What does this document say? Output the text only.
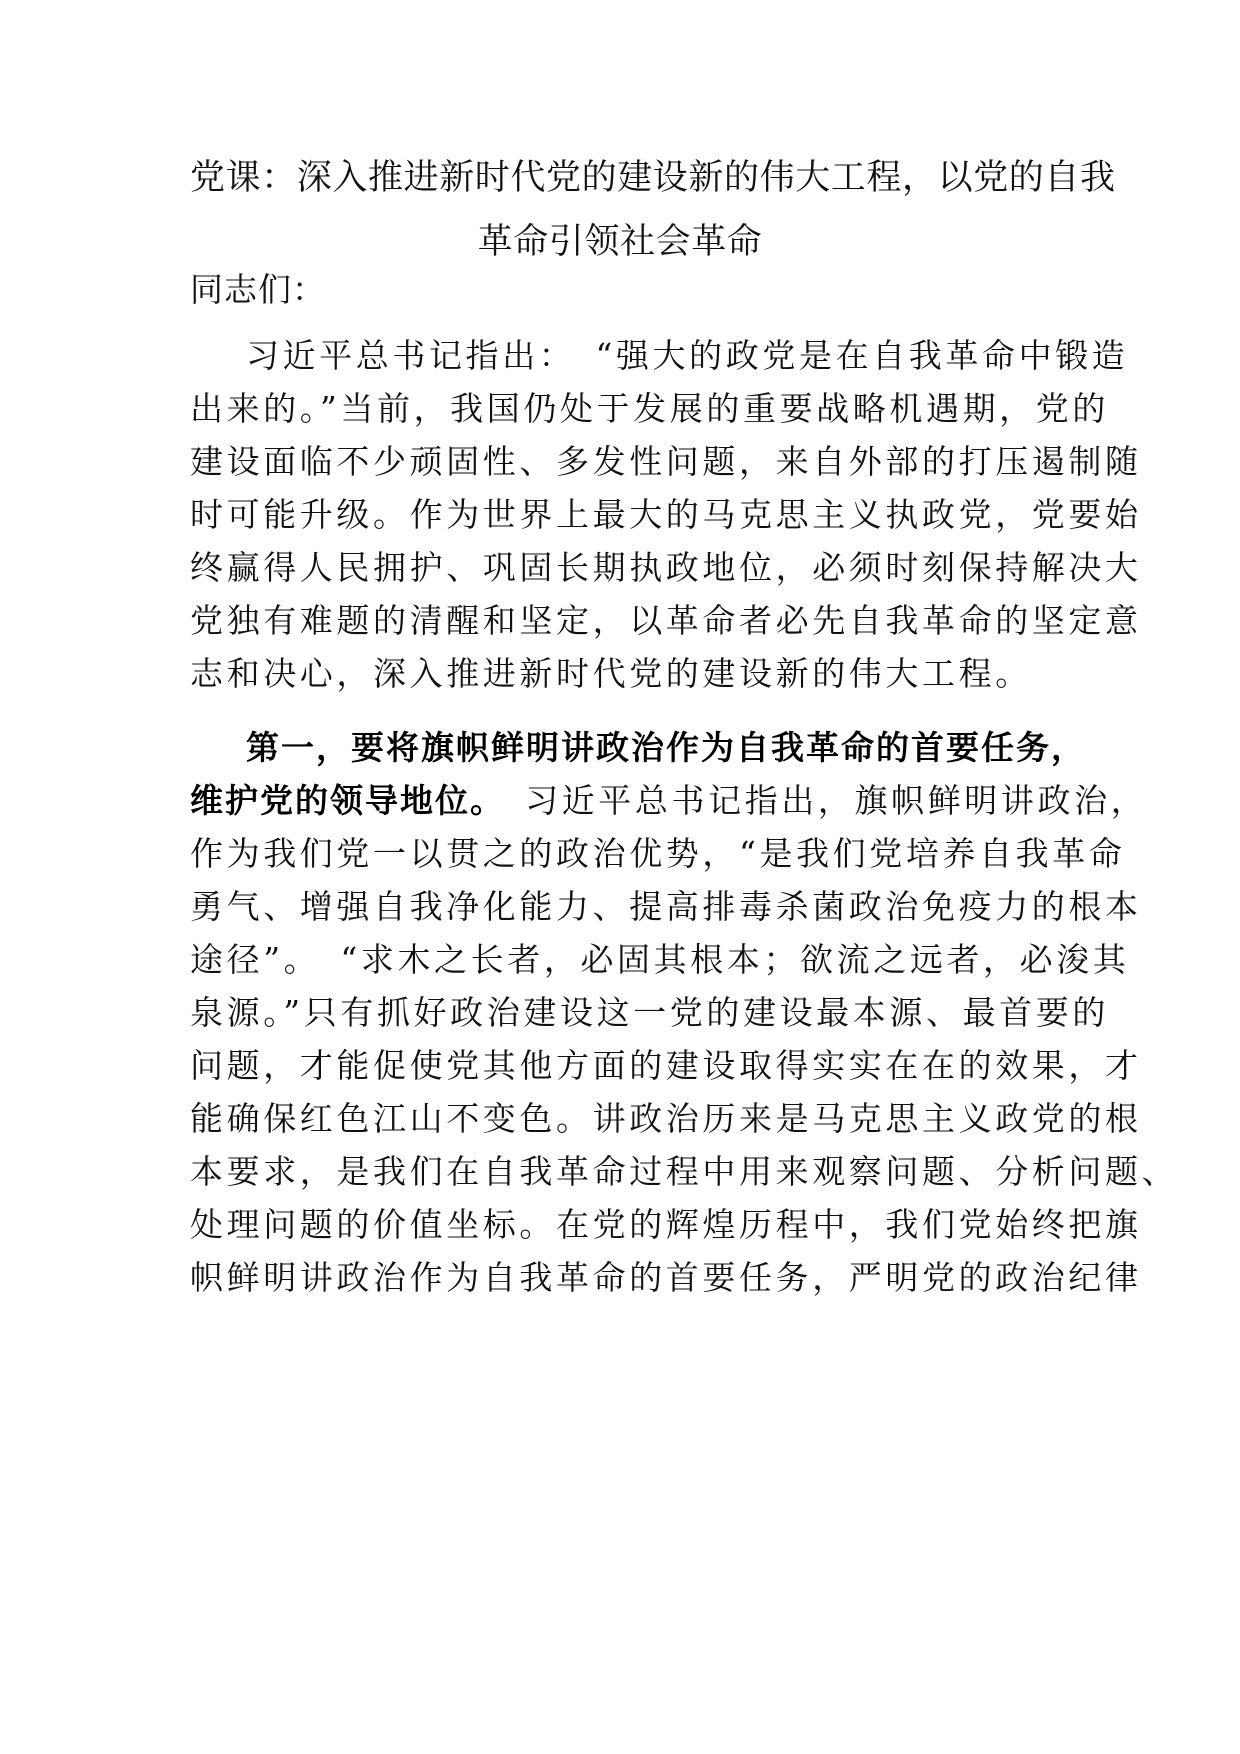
党课：深入推进新时代党的建设新的伟大工程，以党的自我
革命引领社会革命
同志们：
习近平总书记指出：　“强大的政党是在自我革命中锻造
出来的。”当前，我国仍处于发展的重要战略机遇期，党的
建设面临不少顽固性、多发性问题，来自外部的打压遏制随
时可能升级。作为世界上最大的马克思主义执政党，党要始
终赢得人民拥护、巩固长期执政地位，必须时刻保持解决大
党独有难题的清醒和坚定，以革命者必先自我革命的坚定意
志和决心，深入推进新时代党的建设新的伟大工程。
第一，要将旗帜鲜明讲政治作为自我革命的首要任务，
维护党的领导地位。　习近平总书记指出，旗帜鲜明讲政治，
作为我们党一以贯之的政治优势，“是我们党培养自我革命
勇气、增强自我净化能力、提高排毒杀菌政治免疫力的根本
途径”。　“求木之长者，必固其根本；欲流之远者，必浚其
泉源。”只有抓好政治建设这一党的建设最本源、最首要的
问题，才能促使党其他方面的建设取得实实在在的效果，才
能确保红色江山不变色。讲政治历来是马克思主义政党的根
本要求，是我们在自我革命过程中用来观察问题、分析问题、
处理问题的价值坐标。在党的辉煌历程中，我们党始终把旗
帜鲜明讲政治作为自我革命的首要任务，严明党的政治纪律
